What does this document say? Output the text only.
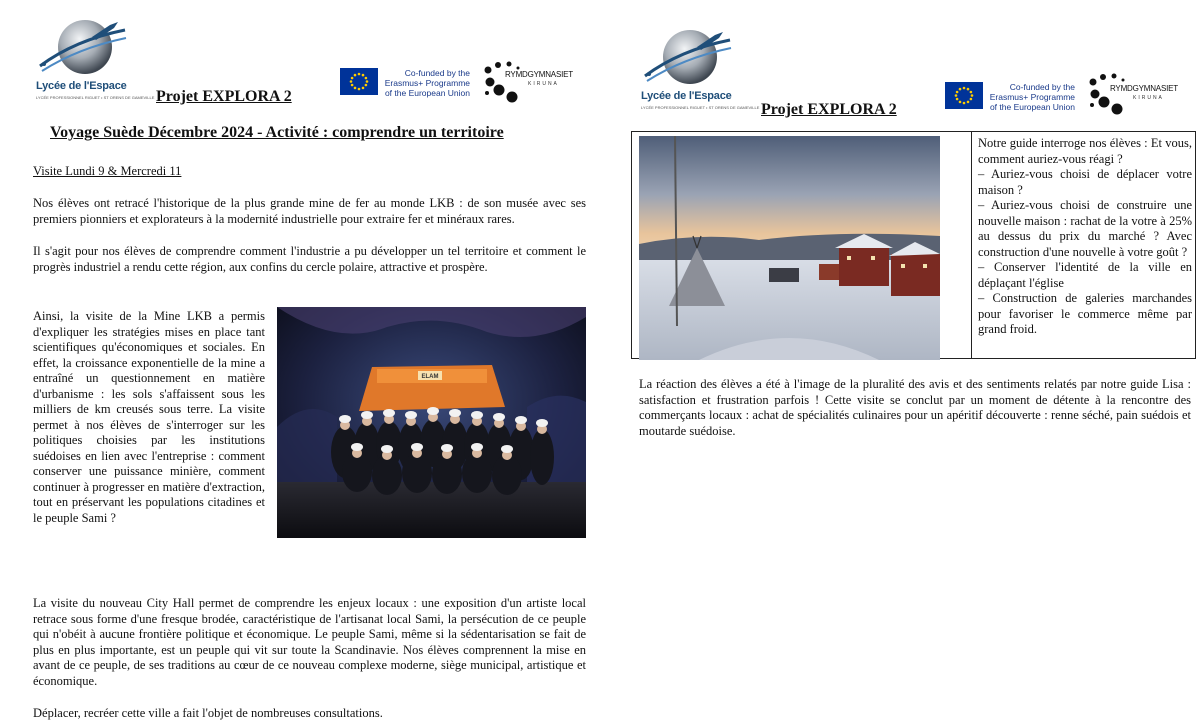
Lycée de l'Espace
LYCÉE PROFESSIONNEL RIGUET • ST ORENS DE GAMEVILLE
Co-funded by the
Erasmus+ Programme
of the European Union
RYMDGYMNASIET
KIRUNA
Projet EXPLORA 2
Voyage Suède Décembre 2024 - Activité : comprendre un territoire
Visite Lundi 9 & Mercredi 11

Nos élèves ont retracé l'historique de la plus grande mine de fer au monde LKB : de son musée avec ses premiers pionniers et explorateurs à la modernité industrielle pour extraire fer et minéraux rares.

Il s'agit pour nos élèves de comprendre comment l'industrie a pu développer un tel territoire et comment le progrès industriel a rendu cette région, aux confins du cercle polaire, attractive et prospère.

Ainsi, la visite de la Mine LKB a permis d'expliquer les stratégies mises en place tant scientifiques qu'économiques et sociales. En effet, la croissance exponentielle de la mine a entraîné un questionnement en matière d'urbanisme : les sols s'affaissent sous les milliers de km creusés sous terre. La visite permet à nos élèves de s'interroger sur les politiques choisies par les institutions suédoises en lien avec l'entreprise : comment conserver une puissance minière, comment continuer à progresser en matière d'extraction, tout en préservant les populations citadines et le peuple Sami ?

ELAM

La visite du nouveau City Hall permet de comprendre les enjeux locaux : une exposition d'un artiste local retrace sous forme d'une fresque brodée, caractéristique de l'artisanat local Sami, la persécution de ce peuple qui n'obéit à aucune frontière politique et économique. Le peuple Sami, même si la sédentarisation se fait de plus en plus importante, est un peuple qui vit sur toute la Scandinavie. Nos élèves comprennent la mise en avant de ce peuple, de ses traditions au cœur de ce nouveau complexe moderne, siège municipal, artistique et économique.

Déplacer, recréer cette ville a fait l'objet de nombreuses consultations.

Lycée de l'Espace
LYCÉE PROFESSIONNEL RIGUET • ST ORENS DE GAMEVILLE
Co-funded by the
Erasmus+ Programme
of the European Union
RYMDGYMNASIET
KIRUNA
Projet EXPLORA 2

Notre guide interroge nos élèves : Et vous, comment auriez-vous réagi ?

– Auriez-vous choisi de déplacer votre maison ?

– Auriez-vous choisi de construire une nouvelle maison : rachat de la votre à 25% au dessus du prix du marché ? Avec construction d'une nouvelle à votre goût ?

– Conserver l'identité de la ville en déplaçant l'église

– Construction de galeries marchandes pour favoriser le commerce même par grand froid.

La réaction des élèves a été à l'image de la pluralité des avis et des sentiments relatés par notre guide Lisa : satisfaction et frustration parfois ! Cette visite se conclut par un moment de détente à la rencontre des commerçants locaux : achat de spécialités culinaires pour un apéritif découverte : renne séché, pain suédois et moutarde suédoise.
